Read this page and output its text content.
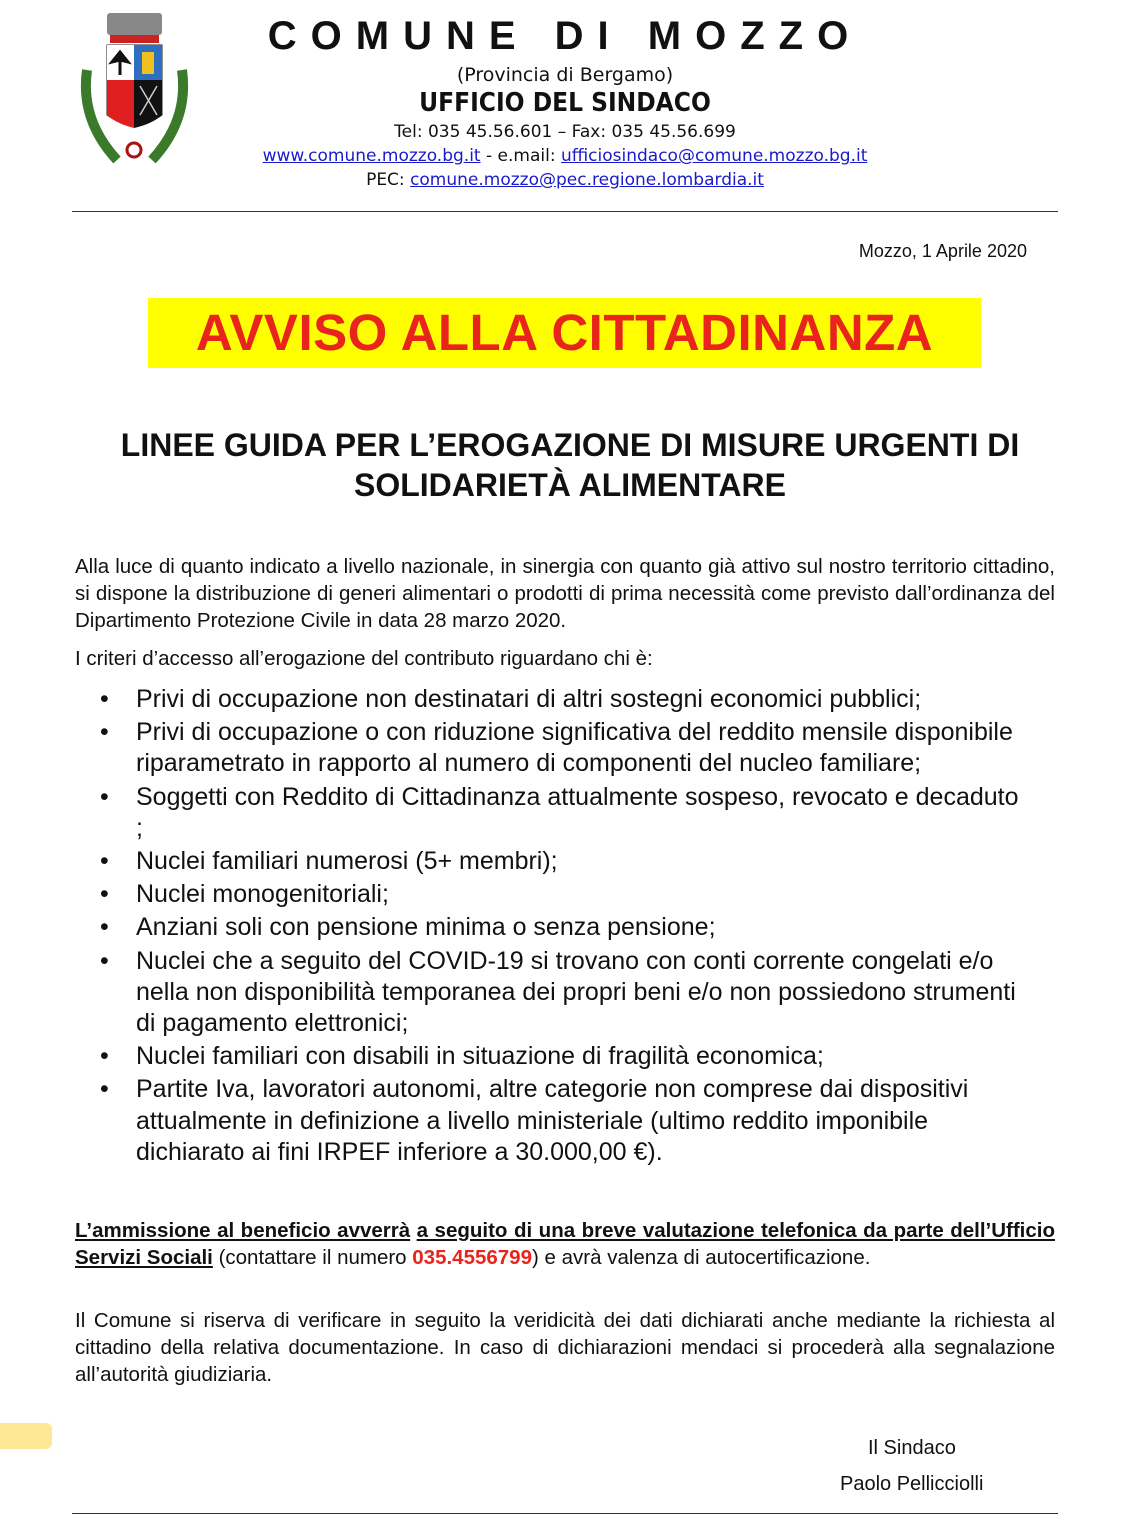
COMUNE DI MOZZO
(Provincia di Bergamo)
UFFICIO DEL SINDACO
Tel: 035 45.56.601 – Fax: 035 45.56.699
www.comune.mozzo.bg.it - e.mail: ufficiosindaco@comune.mozzo.bg.it
PEC: comune.mozzo@pec.regione.lombardia.it
Mozzo, 1 Aprile 2020
AVVISO ALLA CITTADINANZA
LINEE GUIDA PER L’EROGAZIONE DI MISURE URGENTI DI
SOLIDARIETÀ ALIMENTARE
Alla luce di quanto indicato a livello nazionale, in sinergia con quanto già attivo sul nostro territorio cittadino, si dispone la distribuzione di generi alimentari o prodotti di prima necessità come previsto dall’ordinanza del Dipartimento Protezione Civile in data 28 marzo 2020.
I criteri d’accesso all’erogazione del contributo riguardano chi è:
• Privi di occupazione non destinatari di altri sostegni economici pubblici;
• Privi di occupazione o con riduzione significativa del reddito mensile disponibile riparametrato in rapporto al numero di componenti del nucleo familiare;
• Soggetti con Reddito di Cittadinanza attualmente sospeso, revocato e decaduto ;
• Nuclei familiari numerosi (5+ membri);
• Nuclei monogenitoriali;
• Anziani soli con pensione minima o senza pensione;
• Nuclei che a seguito del COVID-19 si trovano con conti corrente congelati e/o nella non disponibilità temporanea dei propri beni e/o non possiedono strumenti di pagamento elettronici;
• Nuclei familiari con disabili in situazione di fragilità economica;
• Partite Iva, lavoratori autonomi, altre categorie non comprese dai dispositivi attualmente in definizione a livello ministeriale (ultimo reddito imponibile dichiarato ai fini IRPEF inferiore a 30.000,00 €).
L’ammissione al beneficio avverrà a seguito di una breve valutazione telefonica da parte dell’Ufficio Servizi Sociali (contattare il numero 035.4556799) e avrà valenza di autocertificazione.
Il Comune si riserva di verificare in seguito la veridicità dei dati dichiarati anche mediante la richiesta al cittadino della relativa documentazione. In caso di dichiarazioni mendaci si procederà alla segnalazione all’autorità giudiziaria.
Il Sindaco
Paolo Pellicciolli
